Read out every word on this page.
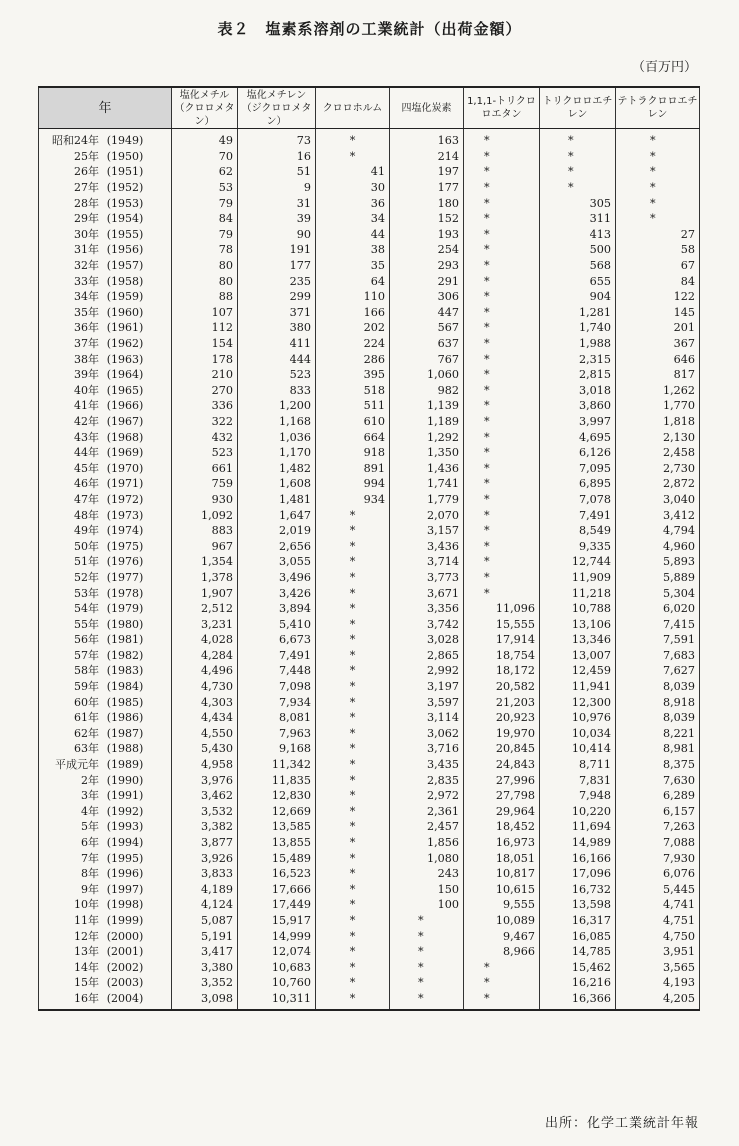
表２　塩素系溶剤の工業統計（出荷金額）
（百万円）
年	塩化メチル（クロロメタン）	塩化メチレン（ジクロロメタン）	クロロホルム	四塩化炭素	1,1,1-トリクロロエタン	トリクロロエチレン	テトラクロロエチレン
昭和24年 (1949)	49	73	*	163	*	*	*
25年 (1950)	70	16	*	214	*	*	*
26年 (1951)	62	51	41	197	*	*	*
27年 (1952)	53	9	30	177	*	*	*
28年 (1953)	79	31	36	180	*	305	*
29年 (1954)	84	39	34	152	*	311	*
30年 (1955)	79	90	44	193	*	413	27
31年 (1956)	78	191	38	254	*	500	58
32年 (1957)	80	177	35	293	*	568	67
33年 (1958)	80	235	64	291	*	655	84
34年 (1959)	88	299	110	306	*	904	122
35年 (1960)	107	371	166	447	*	1,281	145
36年 (1961)	112	380	202	567	*	1,740	201
37年 (1962)	154	411	224	637	*	1,988	367
38年 (1963)	178	444	286	767	*	2,315	646
39年 (1964)	210	523	395	1,060	*	2,815	817
40年 (1965)	270	833	518	982	*	3,018	1,262
41年 (1966)	336	1,200	511	1,139	*	3,860	1,770
42年 (1967)	322	1,168	610	1,189	*	3,997	1,818
43年 (1968)	432	1,036	664	1,292	*	4,695	2,130
44年 (1969)	523	1,170	918	1,350	*	6,126	2,458
45年 (1970)	661	1,482	891	1,436	*	7,095	2,730
46年 (1971)	759	1,608	994	1,741	*	6,895	2,872
47年 (1972)	930	1,481	934	1,779	*	7,078	3,040
48年 (1973)	1,092	1,647	*	2,070	*	7,491	3,412
49年 (1974)	883	2,019	*	3,157	*	8,549	4,794
50年 (1975)	967	2,656	*	3,436	*	9,335	4,960
51年 (1976)	1,354	3,055	*	3,714	*	12,744	5,893
52年 (1977)	1,378	3,496	*	3,773	*	11,909	5,889
53年 (1978)	1,907	3,426	*	3,671	*	11,218	5,304
54年 (1979)	2,512	3,894	*	3,356	11,096	10,788	6,020
55年 (1980)	3,231	5,410	*	3,742	15,555	13,106	7,415
56年 (1981)	4,028	6,673	*	3,028	17,914	13,346	7,591
57年 (1982)	4,284	7,491	*	2,865	18,754	13,007	7,683
58年 (1983)	4,496	7,448	*	2,992	18,172	12,459	7,627
59年 (1984)	4,730	7,098	*	3,197	20,582	11,941	8,039
60年 (1985)	4,303	7,934	*	3,597	21,203	12,300	8,918
61年 (1986)	4,434	8,081	*	3,114	20,923	10,976	8,039
62年 (1987)	4,550	7,963	*	3,062	19,970	10,034	8,221
63年 (1988)	5,430	9,168	*	3,716	20,845	10,414	8,981
平成元年 (1989)	4,958	11,342	*	3,435	24,843	8,711	8,375
2年 (1990)	3,976	11,835	*	2,835	27,996	7,831	7,630
3年 (1991)	3,462	12,830	*	2,972	27,798	7,948	6,289
4年 (1992)	3,532	12,669	*	2,361	29,964	10,220	6,157
5年 (1993)	3,382	13,585	*	2,457	18,452	11,694	7,263
6年 (1994)	3,877	13,855	*	1,856	16,973	14,989	7,088
7年 (1995)	3,926	15,489	*	1,080	18,051	16,166	7,930
8年 (1996)	3,833	16,523	*	243	10,817	17,096	6,076
9年 (1997)	4,189	17,666	*	150	10,615	16,732	5,445
10年 (1998)	4,124	17,449	*	100	9,555	13,598	4,741
11年 (1999)	5,087	15,917	*	*	10,089	16,317	4,751
12年 (2000)	5,191	14,999	*	*	9,467	16,085	4,750
13年 (2001)	3,417	12,074	*	*	8,966	14,785	3,951
14年 (2002)	3,380	10,683	*	*	*	15,462	3,565
15年 (2003)	3,352	10,760	*	*	*	16,216	4,193
16年 (2004)	3,098	10,311	*	*	*	16,366	4,205
出所：化学工業統計年報
